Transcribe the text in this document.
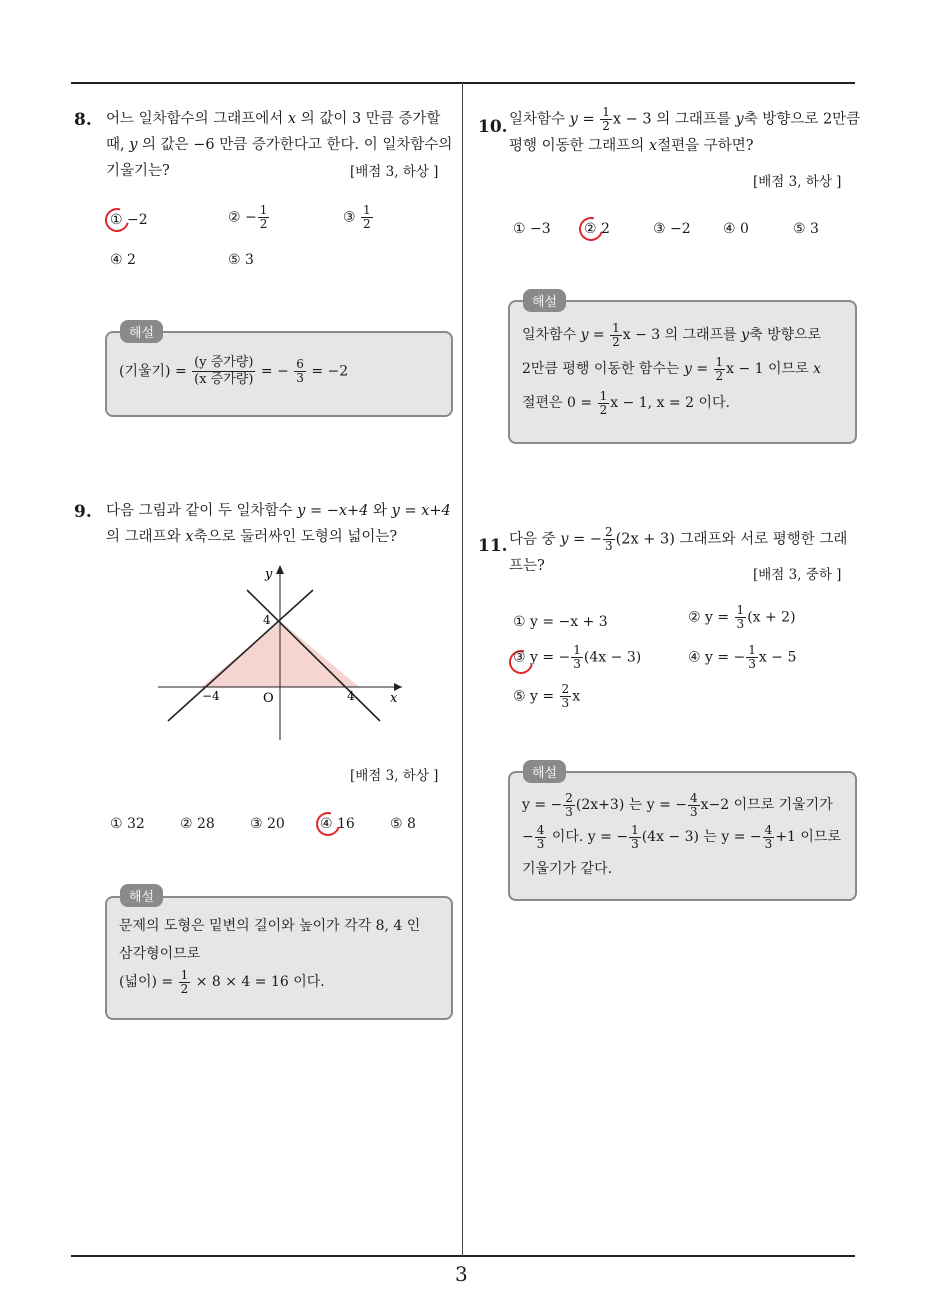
3
8. 어느 일차함수의 그래프에서 x 의 값이 3 만큼 증가할
때, y 의 값은 −6 만큼 증가한다고 한다. 이 일차함수의
기울기는?	[배점 3, 하상 ]
① −2	② − $\frac{1}{2}$	③ $\frac{1}{2}$
④ 2	⑤ 3
(기울기) = $\frac{\text{(y 증가량)}}{\text{(x 증가량)}}$ = − $\frac{6}{3} = -2$
해설
9. 다음 그림과 같이 두 일차함수 y = −x+4 와 y = x+4
의 그래프와 x축으로 둘러싸인 도형의 넓이는?
y
x
O
4
−4	4
[배점 3, 하상 ]
① 32	② 28	③ 20	④ 16	⑤ 8
문제의 도형은 밑변의 길이와 높이가 각각 8, 4 인
삼각형이므로
(넓이) = $\frac{1}{2} \times 8 \times 4 = 16$ 이다.
해설
10. 일차함수 $y = \frac{1}{2}$ x − 3 의 그래프를 y축 방향으로 2만큼
평행 이동한 그래프의 x절편을 구하면?
[배점 3, 하상 ]
① −3 ② 2	③ −2 ④ 0	⑤ 3
일차함수 $y = \frac{1}{2}$ x − 3 의 그래프를 y축 방향으로
2만큼 평행 이동한 함수는 $y = \frac{1}{2}$ x − 1 이므로 x
절편은 $0 = \frac{1}{2}$ x − 1, x = 2 이다.
해설
11. 다음 중 y = − $\frac{2}{3} (2x + 3)$ 그래프와 서로 평행한 그래
프는?
[배점 3, 중하 ]
① y = −x + 3	② $y = \frac{1}{3} (x + 2)$
③ y = − $\frac{1}{3} (4x - 3)$	④ y = − $\frac{1}{3}$ x − 5
⑤ $y = \frac{2}{3}$ x
y = − $\frac{2}{3} (2x+3)$ 는 y = − $\frac{4}{3} x-2$ 이므로 기울기가
− $\frac{4}{3}$ 이다. y = − $\frac{1}{3} (4x - 3)$ 는 y = − $\frac{4}{3} +1$ 이므로
기울기가 같다.
해설
